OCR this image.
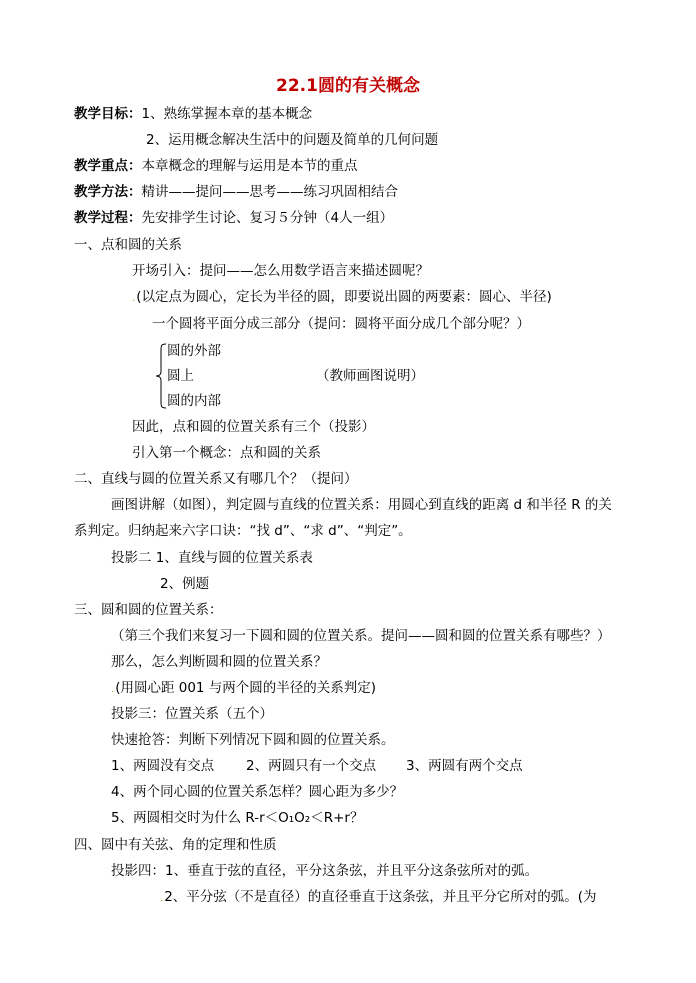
22.1圆的有关概念
教学目标：1、熟练掌握本章的基本概念
2、运用概念解决生活中的问题及简单的几何问题
教学重点：本章概念的理解与运用是本节的重点
教学方法：精讲——提问——思考——练习巩固相结合
教学过程：先安排学生讨论、复习５分钟（4人一组）
一、点和圆的关系
开场引入：提问——怎么用数学语言来描述圆呢？
.(以定点为圆心，定长为半径的圆，即要说出圆的两要素：圆心、半径)
一个圆将平面分成三部分（提问：圆将平面分成几个部分呢？）
圆的外部
圆上	（教师画图说明）
圆的内部
因此，点和圆的位置关系有三个（投影）
引入第一个概念：点和圆的关系
二、直线与圆的位置关系又有哪几个？（提问）
画图讲解（如图），判定圆与直线的位置关系：用圆心到直线的距离 d 和半径 R 的关
系判定。归纳起来六字口诀：“找 d”、“求 d”、“判定”。
投影二 1、直线与圆的位置关系表
2、例题
三、圆和圆的位置关系：
（第三个我们来复习一下圆和圆的位置关系。提问——圆和圆的位置关系有哪些？）
那么，怎么判断圆和圆的位置关系？
.(用圆心距 001 与两个圆的半径的关系判定)
投影三：位置关系（五个）
快速抢答：判断下列情况下圆和圆的位置关系。
1、两圆没有交点 2、两圆只有一个交点 3、两圆有两个交点
4、两个同心圆的位置关系怎样？圆心距为多少？
5、两圆相交时为什么 R-r＜O₁O₂＜R+r？
四、圆中有关弦、角的定理和性质
投影四：1、垂直于弦的直径，平分这条弦，并且平分这条弦所对的弧。
.2、平分弦（不是直径）的直径垂直于这条弦，并且平分它所对的弧。(为
